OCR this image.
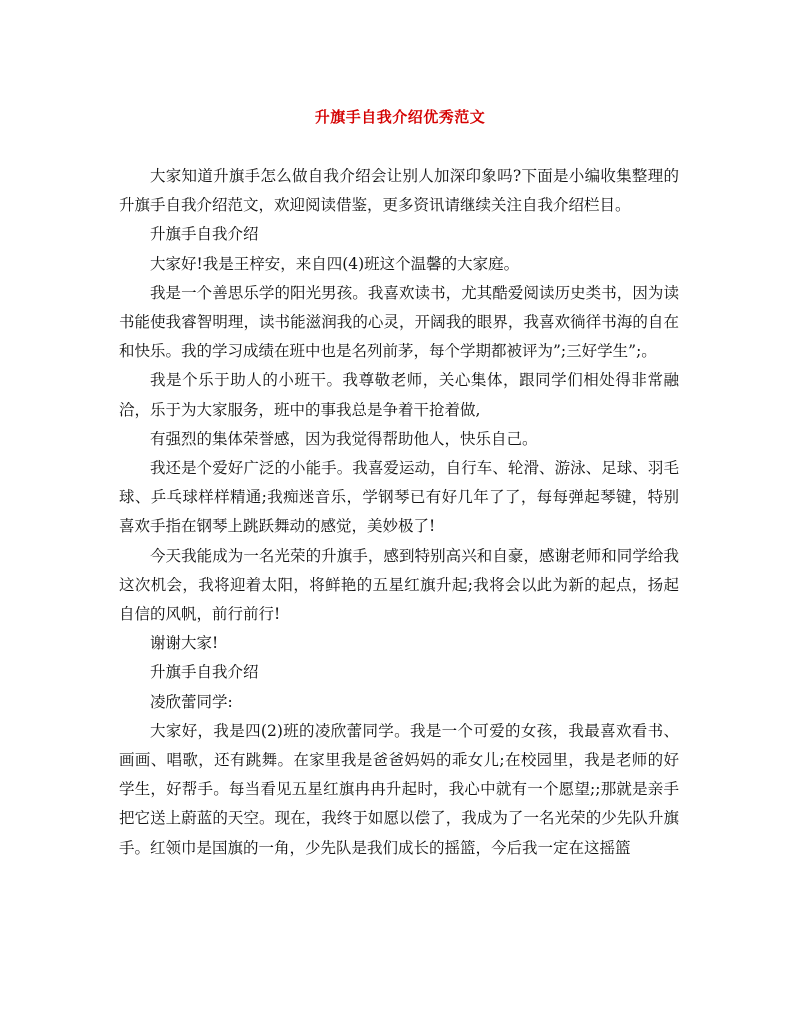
升旗手自我介绍优秀范文

大家知道升旗手怎么做自我介绍会让别人加深印象吗?下面是小编收集整理的升旗手自我介绍范文，欢迎阅读借鉴，更多资讯请继续关注自我介绍栏目。

升旗手自我介绍

大家好!我是王梓安，来自四(4)班这个温馨的大家庭。

我是一个善思乐学的阳光男孩。我喜欢读书，尤其酷爱阅读历史类书，因为读书能使我睿智明理，读书能滋润我的心灵，开阔我的眼界，我喜欢徜徉书海的自在和快乐。我的学习成绩在班中也是名列前茅，每个学期都被评为”;三好学生”;。

我是个乐于助人的小班干。我尊敬老师，关心集体，跟同学们相处得非常融洽，乐于为大家服务，班中的事我总是争着干抢着做,

有强烈的集体荣誉感，因为我觉得帮助他人，快乐自己。

我还是个爱好广泛的小能手。我喜爱运动，自行车、轮滑、游泳、足球、羽毛球、乒乓球样样精通;我痴迷音乐，学钢琴已有好几年了了，每每弹起琴键，特别喜欢手指在钢琴上跳跃舞动的感觉，美妙极了!

今天我能成为一名光荣的升旗手，感到特别高兴和自豪，感谢老师和同学给我这次机会，我将迎着太阳，将鲜艳的五星红旗升起;我将会以此为新的起点，扬起自信的风帆，前行前行!

谢谢大家!

升旗手自我介绍

凌欣蕾同学:

大家好，我是四(2)班的凌欣蕾同学。我是一个可爱的女孩，我最喜欢看书、画画、唱歌，还有跳舞。在家里我是爸爸妈妈的乖女儿;在校园里，我是老师的好学生，好帮手。每当看见五星红旗冉冉升起时，我心中就有一个愿望;;那就是亲手把它送上蔚蓝的天空。现在，我终于如愿以偿了，我成为了一名光荣的少先队升旗手。红领巾是国旗的一角，少先队是我们成长的摇篮，今后我一定在这摇篮
